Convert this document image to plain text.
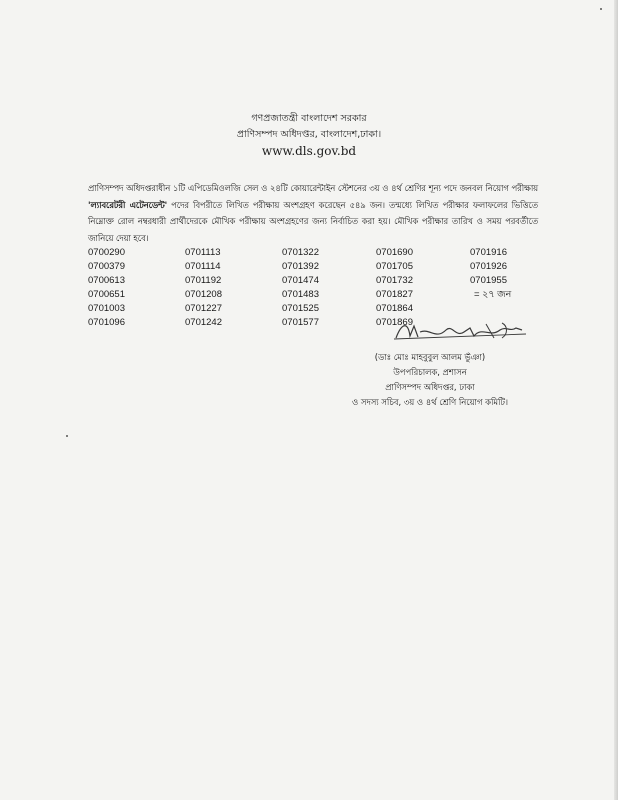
গণপ্রজাতন্ত্রী বাংলাদেশ সরকার
প্রাণিসম্পদ অধিদপ্তর, বাংলাদেশ,ঢাকা।
www.dls.gov.bd
প্রাণিসম্পদ অধিদপ্তরাধীন ১টি এপিডেমিওলজি সেল ও ২৪টি কোয়ারেন্টাইন স্টেশনের ৩য় ও ৪র্থ শ্রেণির শূন্য পদে জনবল নিয়োগ পরীক্ষায় 'ল্যাবরেটরী এটেনডেন্ট' পদের বিপরীতে লিখিত পরীক্ষায় অংশগ্রহণ করেছেন ৫৪৯ জন। তন্মধ্যে লিখিত পরীক্ষার ফলাফলের ভিত্তিতে নিম্নোক্ত রোল নম্বরধারী প্রার্থীদেরকে মৌখিক পরীক্ষায় অংশগ্রহণের জন্য নির্বাচিত করা হয়। মৌখিক পরীক্ষার তারিখ ও সময় পরবর্তীতে জানিয়ে দেয়া হবে।
0700290
0700379
0700613
0700651
0701003
0701096
0701113
0701114
0701192
0701208
0701227
0701242
0701322
0701392
0701474
0701483
0701525
0701577
0701690
0701705
0701732
0701827
0701864
0701869
0701916
0701926
0701955
= ২৭ জন
(ডাঃ মোঃ মাহবুবুল আলম ভুঁঞা)
উপপরিচালক, প্রশাসন
প্রাণিসম্পদ অধিদপ্তর, ঢাকা
ও সদস্য সচিব, ৩য় ও ৪র্থ শ্রেণি নিয়োগ কমিটি।
